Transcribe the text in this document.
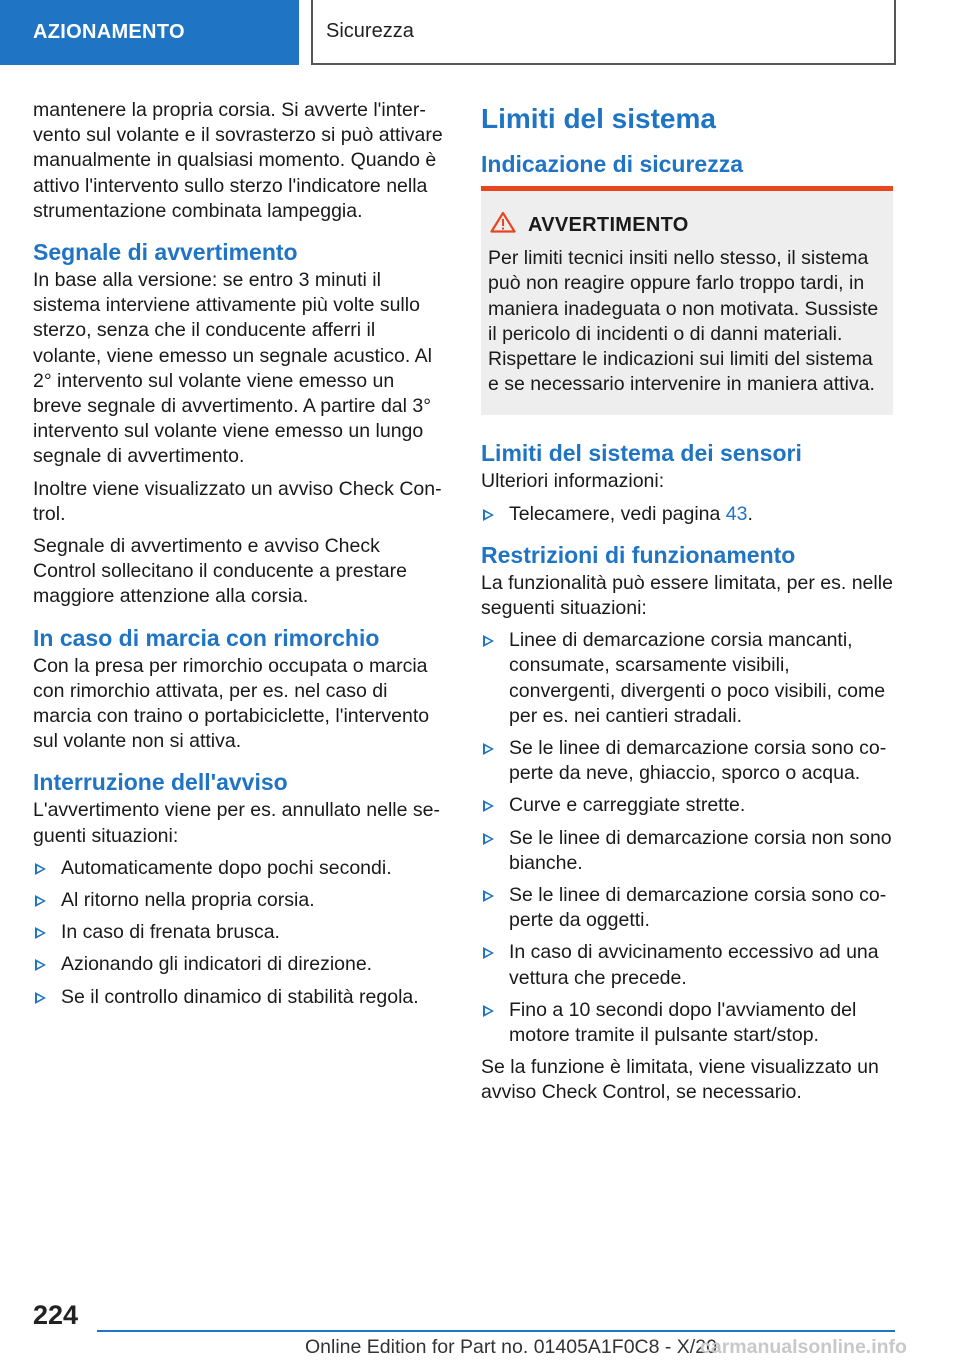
AZIONAMENTO	Sicurezza

mantenere la propria corsia. Si avverte l'intervento sul volante e il sovrasterzo si può attivare manualmente in qualsiasi momento. Quando è attivo l'intervento sullo sterzo l'indicatore nella strumentazione combinata lampeggia.

Segnale di avvertimento

In base alla versione: se entro 3 minuti il sistema interviene attivamente più volte sullo sterzo, senza che il conducente afferri il volante, viene emesso un segnale acustico. Al 2° intervento sul volante viene emesso un breve segnale di avvertimento. A partire dal 3° intervento sul volante viene emesso un lungo segnale di avvertimento.

Inoltre viene visualizzato un avviso Check Control.

Segnale di avvertimento e avviso Check Control sollecitano il conducente a prestare maggiore attenzione alla corsia.

In caso di marcia con rimorchio

Con la presa per rimorchio occupata o marcia con rimorchio attivata, per es. nel caso di marcia con traino o portabiciclette, l'intervento sul volante non si attiva.

Interruzione dell'avviso

L'avvertimento viene per es. annullato nelle seguenti situazioni:

Automaticamente dopo pochi secondi.
Al ritorno nella propria corsia.
In caso di frenata brusca.
Azionando gli indicatori di direzione.
Se il controllo dinamico di stabilità regola.
Limiti del sistema
Indicazione di sicurezza
AVVERTIMENTO

Per limiti tecnici insiti nello stesso, il sistema può non reagire oppure farlo troppo tardi, in maniera inadeguata o non motivata. Sussiste il pericolo di incidenti o di danni materiali. Rispettare le indicazioni sui limiti del sistema e se necessario intervenire in maniera attiva.

Limiti del sistema dei sensori

Ulteriori informazioni:

Telecamere, vedi pagina 43.
Restrizioni di funzionamento

La funzionalità può essere limitata, per es. nelle seguenti situazioni:

Linee di demarcazione corsia mancanti, consumate, scarsamente visibili, convergenti, divergenti o poco visibili, come per es. nei cantieri stradali.
Se le linee di demarcazione corsia sono coperte da neve, ghiaccio, sporco o acqua.
Curve e carreggiate strette.
Se le linee di demarcazione corsia non sono bianche.
Se le linee di demarcazione corsia sono coperte da oggetti.
In caso di avvicinamento eccessivo ad una vettura che precede.
Fino a 10 secondi dopo l'avviamento del motore tramite il pulsante start/stop.

Se la funzione è limitata, viene visualizzato un avviso Check Control, se necessario.

224
Online Edition for Part no. 01405A1F0C8 - X/20
carmanualsonline.info
